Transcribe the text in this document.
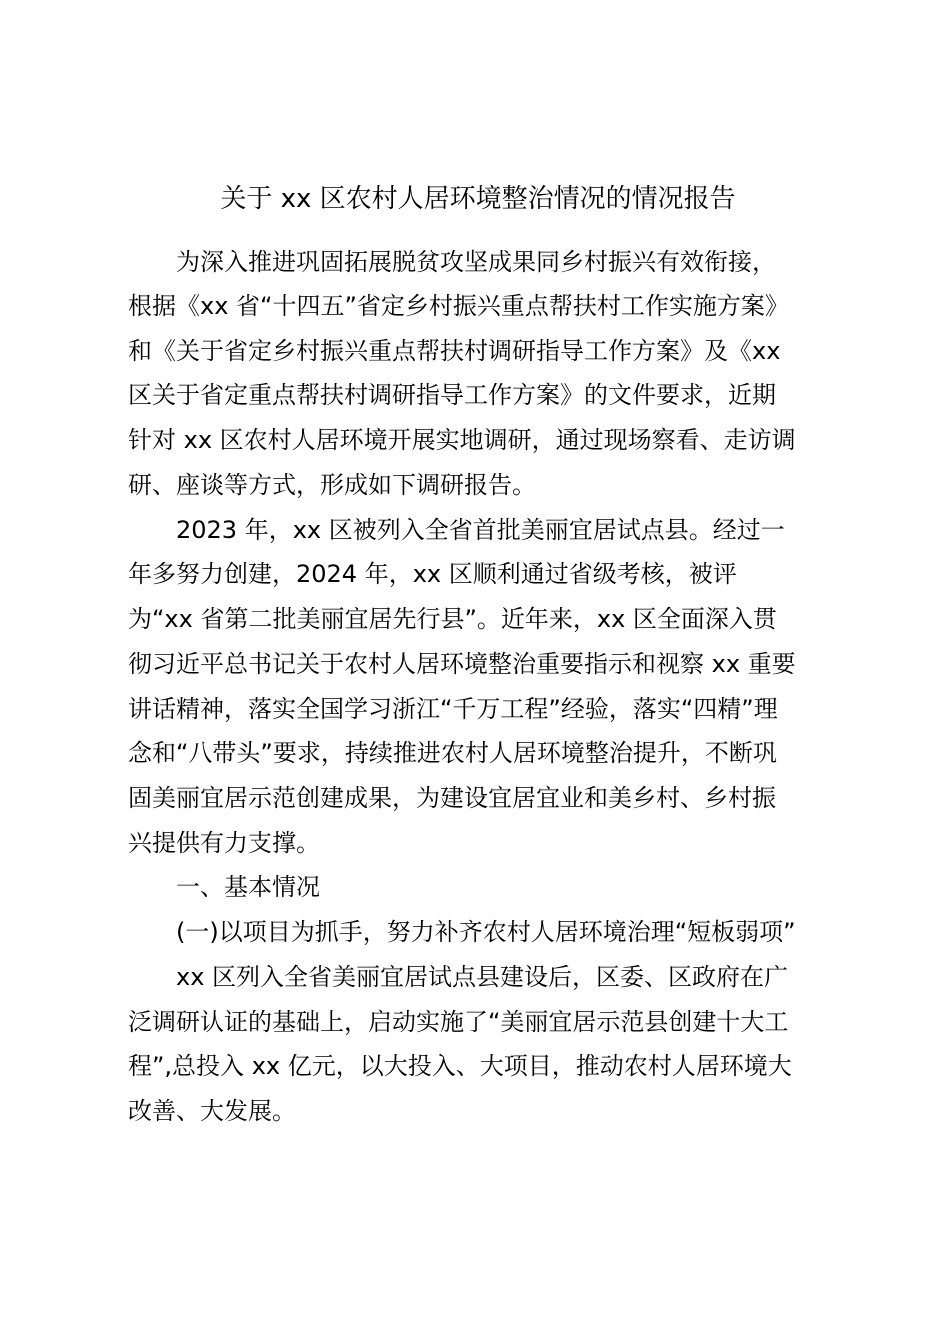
关于 xx 区农村人居环境整治情况的情况报告
为深入推进巩固拓展脱贫攻坚成果同乡村振兴有效衔接，
根据《xx 省“十四五”省定乡村振兴重点帮扶村工作实施方案》
和《关于省定乡村振兴重点帮扶村调研指导工作方案》及《xx
区关于省定重点帮扶村调研指导工作方案》的文件要求，近期
针对 xx 区农村人居环境开展实地调研，通过现场察看、走访调
研、座谈等方式，形成如下调研报告。
2023 年，xx 区被列入全省首批美丽宜居试点县。经过一
年多努力创建，2024 年，xx 区顺利通过省级考核，被评
为“xx 省第二批美丽宜居先行县”。近年来，xx 区全面深入贯
彻习近平总书记关于农村人居环境整治重要指示和视察 xx 重要
讲话精神，落实全国学习浙江“千万工程”经验，落实“四精”理
念和“八带头”要求，持续推进农村人居环境整治提升，不断巩
固美丽宜居示范创建成果，为建设宜居宜业和美乡村、乡村振
兴提供有力支撑。
一、基本情况
(一)以项目为抓手，努力补齐农村人居环境治理“短板弱项”
xx 区列入全省美丽宜居试点县建设后，区委、区政府在广
泛调研认证的基础上，启动实施了“美丽宜居示范县创建十大工
程”,总投入 xx 亿元，以大投入、大项目，推动农村人居环境大
改善、大发展。
